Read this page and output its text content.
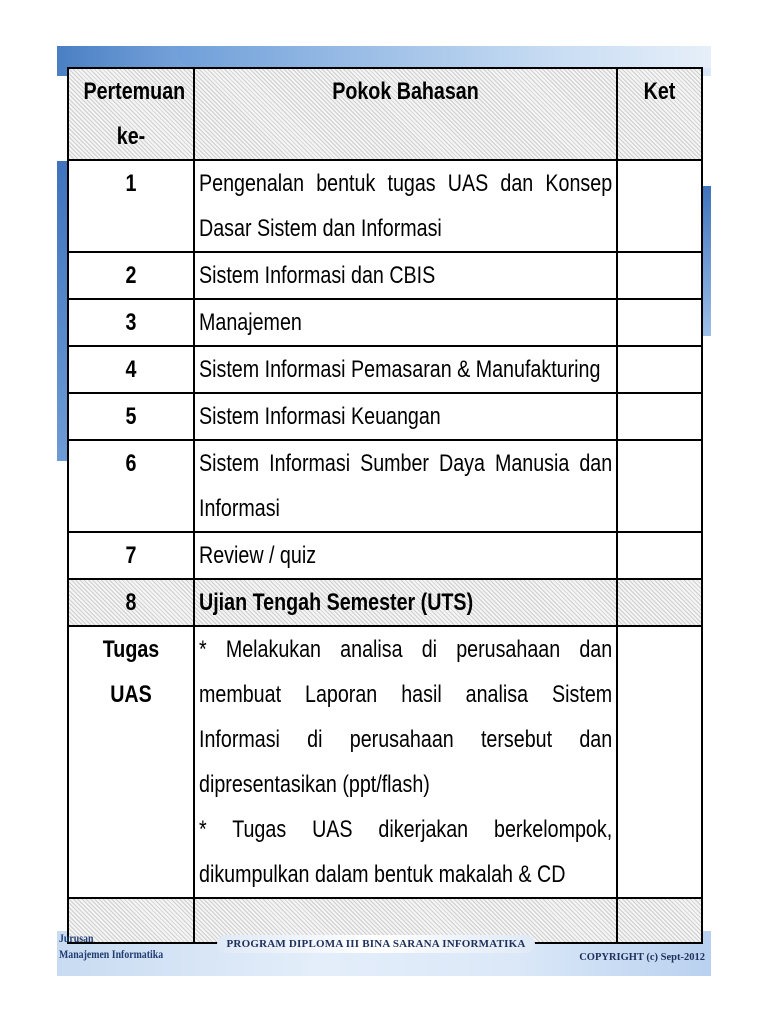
Pertemuan ke-	Pokok Bahasan	Ket

1	Pengenalan bentuk tugas UAS dan Konsep Dasar Sistem dan Informasi	

2	Sistem Informasi dan CBIS	

3	Manajemen	

4	Sistem Informasi Pemasaran & Manufakturing	

5	Sistem Informasi Keuangan	

6	Sistem Informasi Sumber Daya Manusia dan Informasi	

7	Review / quiz	

8	Ujian Tengah Semester (UTS)	

Tugas UAS	* Melakukan analisa di perusahaan dan membuat Laporan hasil analisa Sistem Informasi di perusahaan tersebut dan dipresentasikan (ppt/flash)
* Tugas UAS dikerjakan berkelompok, dikumpulkan dalam bentuk makalah & CD	

Jurusan
Manajemen Informatika
PROGRAM DIPLOMA III BINA SARANA INFORMATIKA
COPYRIGHT (c) Sept-2012
